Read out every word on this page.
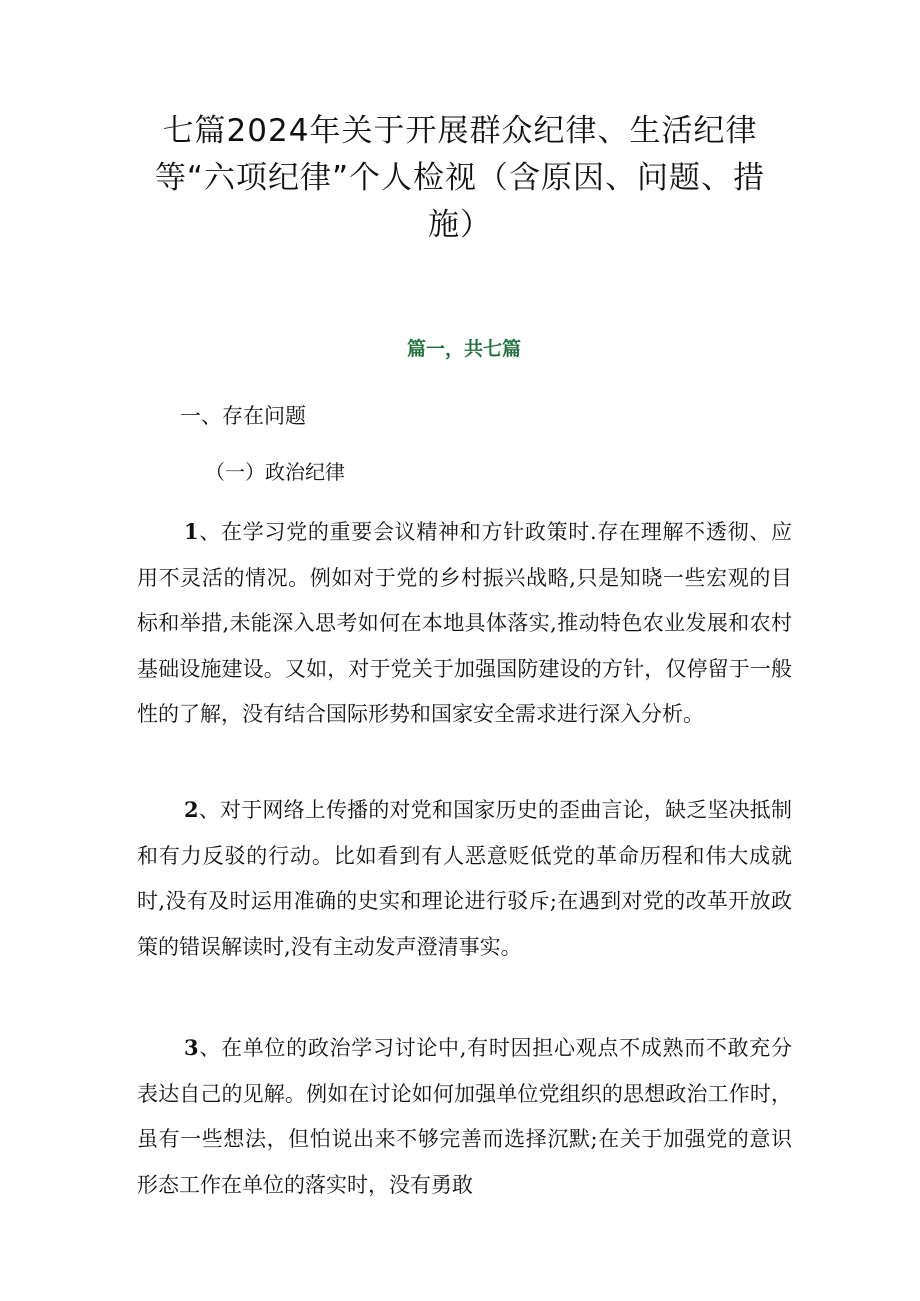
七篇2024年关于开展群众纪律、生活纪律等“六项纪律”个人检视（含原因、问题、措施）
篇一，共七篇
一、存在问题
（一）政治纪律

1、在学习党的重要会议精神和方针政策时.存在理解不透彻、应用不灵活的情况。例如对于党的乡村振兴战略,只是知晓一些宏观的目标和举措,未能深入思考如何在本地具体落实,推动特色农业发展和农村基础设施建设。又如，对于党关于加强国防建设的方针，仅停留于一般性的了解，没有结合国际形势和国家安全需求进行深入分析。

2、对于网络上传播的对党和国家历史的歪曲言论，缺乏坚决抵制和有力反驳的行动。比如看到有人恶意贬低党的革命历程和伟大成就时,没有及时运用准确的史实和理论进行驳斥;在遇到对党的改革开放政策的错误解读时,没有主动发声澄清事实。

3、在单位的政治学习讨论中,有时因担心观点不成熟而不敢充分表达自己的见解。例如在讨论如何加强单位党组织的思想政治工作时，虽有一些想法，但怕说出来不够完善而选择沉默;在关于加强党的意识形态工作在单位的落实时，没有勇敢
